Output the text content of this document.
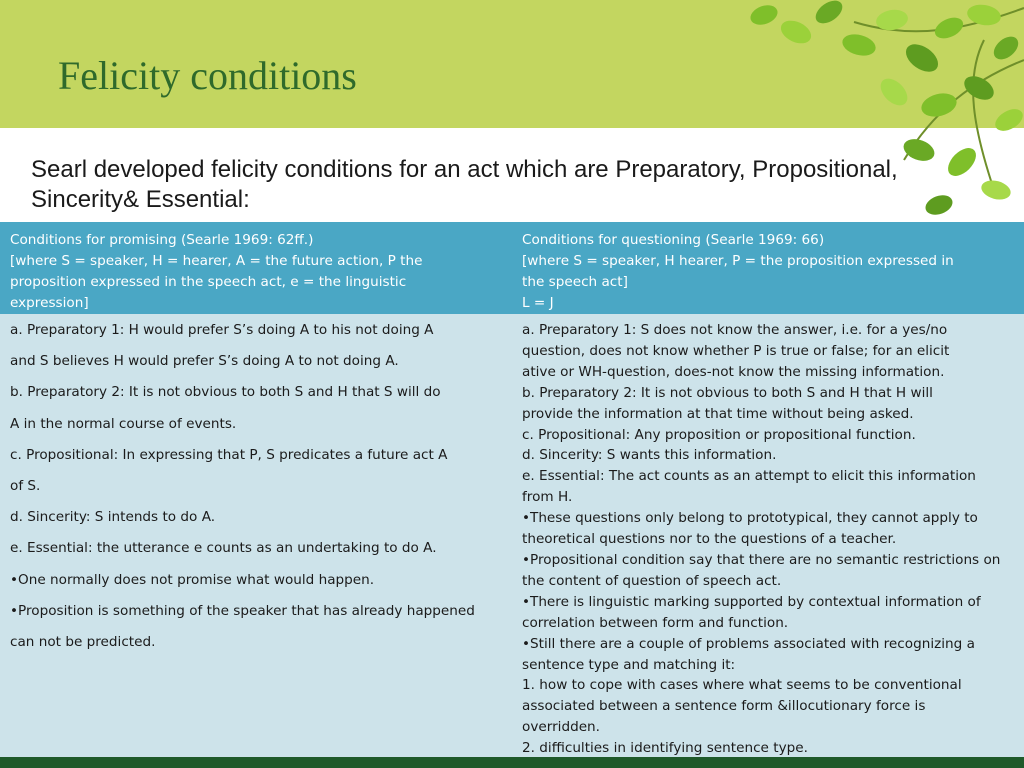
Felicity conditions
Searl developed felicity conditions for an act which are Preparatory, Propositional, Sincerity& Essential:
Conditions for promising (Searle 1969: 62ff.)
[where S = speaker, H = hearer, A = the future action, P the
proposition expressed in the speech act, e = the linguistic
expression]
Conditions for questioning (Searle 1969: 66)
[where S = speaker, H hearer, P = the proposition expressed in
the speech act]
L = J
a. Preparatory 1: H would prefer S’s doing A to his not doing A
and S believes H would prefer S’s doing A to not doing A.
b. Preparatory 2: It is not obvious to both S and H that S will do
A in the normal course of events.
c. Propositional: In expressing that P, S predicates a future act A
of S.
d. Sincerity: S intends to do A.
e. Essential: the utterance e counts as an undertaking to do A.
•One normally does not promise what would happen.
•Proposition is something of the speaker that has already happened
can not be predicted.
a. Preparatory 1: S does not know the answer, i.e. for a yes/no
question, does not know whether P is true or false; for an elicit
ative or WH-question, does-not know the missing information.
b. Preparatory 2: It is not obvious to both S and H that H will
provide the information at that time without being asked.
c. Propositional: Any proposition or propositional function.
d. Sincerity: S wants this information.
e. Essential: The act counts as an attempt to elicit this information
from H.
•These questions only belong to prototypical, they cannot apply to
theoretical questions nor to the questions of a teacher.
•Propositional condition say that there are no semantic restrictions on
the content of question of speech act.
•There is linguistic marking supported by contextual information of
correlation between form and function.
•Still there are a couple of problems associated with recognizing a
sentence type and matching it:
1. how to cope with cases where what seems to be conventional
associated between a sentence form &illocutionary force is
overridden.
2. difficulties in identifying sentence type.
